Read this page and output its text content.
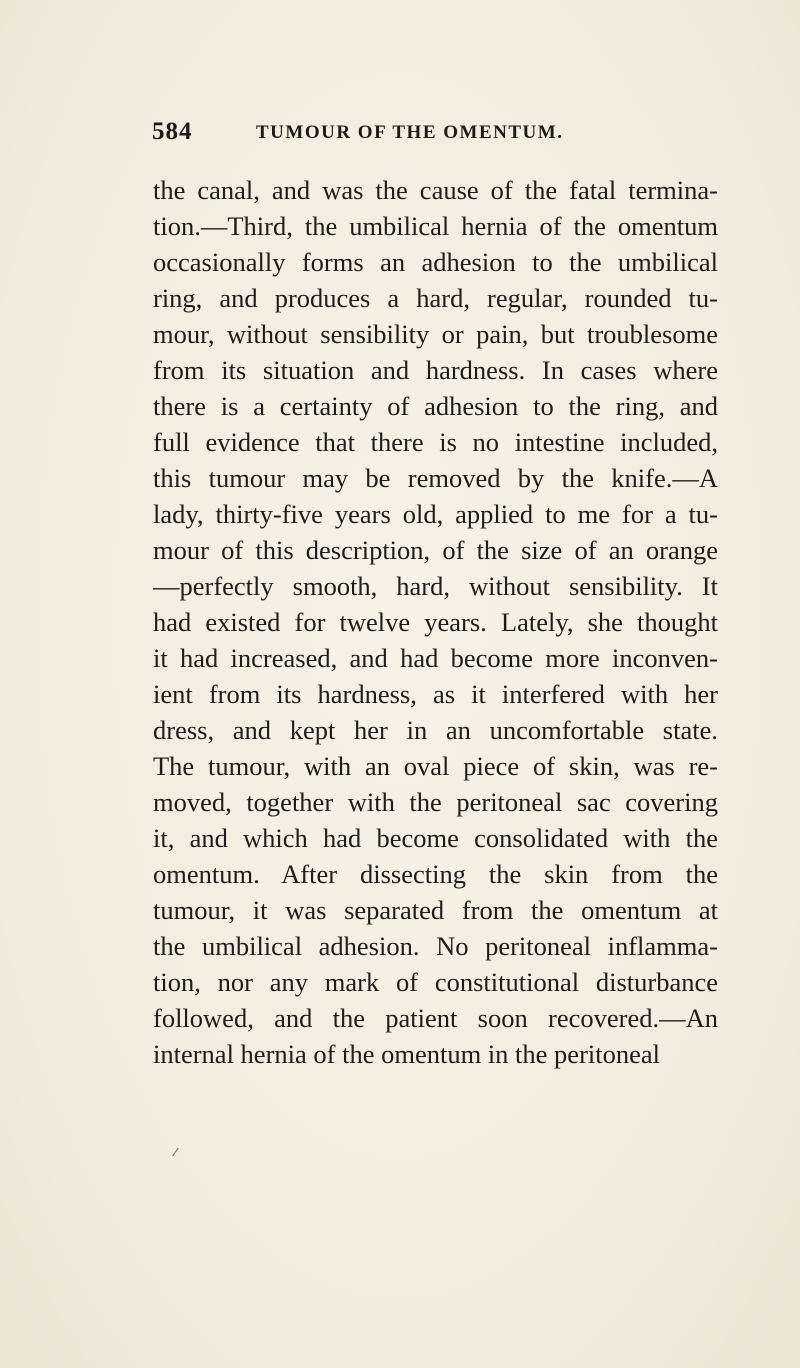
584	TUMOUR OF THE OMENTUM.
the canal, and was the cause of the fatal termina-
tion.—Third, the umbilical hernia of the omentum
occasionally forms an adhesion to the umbilical
ring, and produces a hard, regular, rounded tu-
mour, without sensibility or pain, but troublesome
from its situation and hardness. In cases where
there is a certainty of adhesion to the ring, and
full evidence that there is no intestine included,
this tumour may be removed by the knife.—A
lady, thirty-five years old, applied to me for a tu-
mour of this description, of the size of an orange
—perfectly smooth, hard, without sensibility. It
had existed for twelve years. Lately, she thought
it had increased, and had become more inconven-
ient from its hardness, as it interfered with her
dress, and kept her in an uncomfortable state.
The tumour, with an oval piece of skin, was re-
moved, together with the peritoneal sac covering
it, and which had become consolidated with the
omentum. After dissecting the skin from the
tumour, it was separated from the omentum at
the umbilical adhesion. No peritoneal inflamma-
tion, nor any mark of constitutional disturbance
followed, and the patient soon recovered.—An
internal hernia of the omentum in the peritoneal
